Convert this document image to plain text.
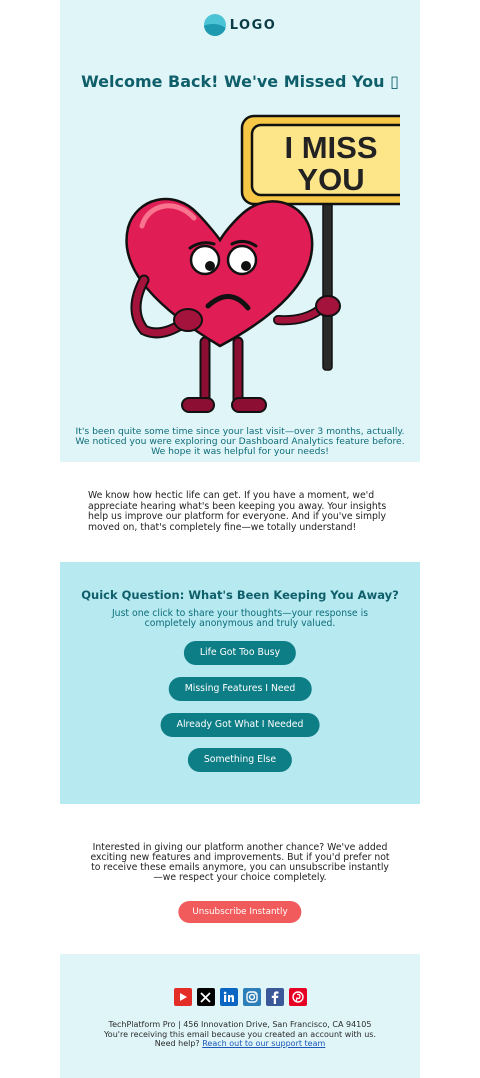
LOGO
Welcome Back! We've Missed You ▯
I MISS
YOU
It's been quite some time since your last visit—over 3 months, actually. We noticed you were exploring our Dashboard Analytics feature before. We hope it was helpful for your needs!

We know how hectic life can get. If you have a moment, we'd appreciate hearing what's been keeping you away. Your insights help us improve our platform for everyone. And if you've simply moved on, that's completely fine—we totally understand!

Quick Question: What's Been Keeping You Away?
Just one click to share your thoughts—your response is completely anonymous and truly valued.
Life Got Too Busy
Missing Features I Need
Already Got What I Needed
Something Else

Interested in giving our platform another chance? We've added exciting new features and improvements. But if you'd prefer not to receive these emails anymore, you can unsubscribe instantly—we respect your choice completely.

Unsubscribe Instantly
TechPlatform Pro | 456 Innovation Drive, San Francisco, CA 94105
You're receiving this email because you created an account with us.
Need help? Reach out to our support team
